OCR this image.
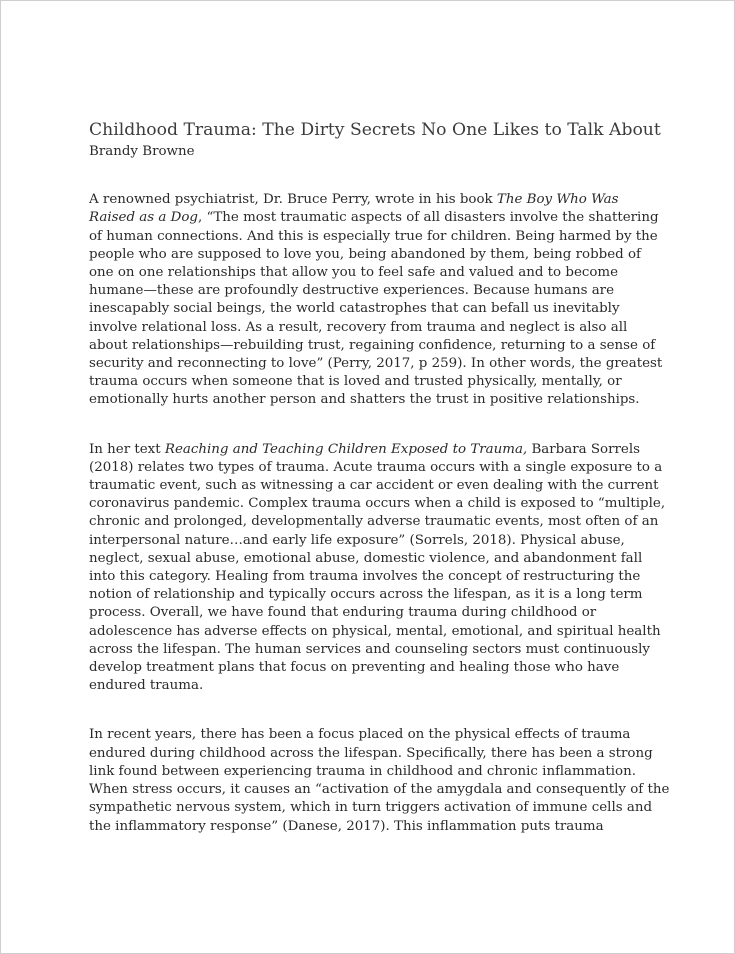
Childhood Trauma: The Dirty Secrets No One Likes to Talk About

Brandy Browne

A renowned psychiatrist, Dr. Bruce Perry, wrote in his book The Boy Who Was
Raised as a Dog, “The most traumatic aspects of all disasters involve the shattering
of human connections. And this is especially true for children. Being harmed by the
people who are supposed to love you, being abandoned by them, being robbed of
one on one relationships that allow you to feel safe and valued and to become
humane—these are profoundly destructive experiences. Because humans are
inescapably social beings, the world catastrophes that can befall us inevitably
involve relational loss. As a result, recovery from trauma and neglect is also all
about relationships—rebuilding trust, regaining confidence, returning to a sense of
security and reconnecting to love” (Perry, 2017, p 259). In other words, the greatest
trauma occurs when someone that is loved and trusted physically, mentally, or
emotionally hurts another person and shatters the trust in positive relationships.

In her text Reaching and Teaching Children Exposed to Trauma, Barbara Sorrels
(2018) relates two types of trauma. Acute trauma occurs with a single exposure to a
traumatic event, such as witnessing a car accident or even dealing with the current
coronavirus pandemic. Complex trauma occurs when a child is exposed to “multiple,
chronic and prolonged, developmentally adverse traumatic events, most often of an
interpersonal nature…and early life exposure” (Sorrels, 2018). Physical abuse,
neglect, sexual abuse, emotional abuse, domestic violence, and abandonment fall
into this category. Healing from trauma involves the concept of restructuring the
notion of relationship and typically occurs across the lifespan, as it is a long term
process. Overall, we have found that enduring trauma during childhood or
adolescence has adverse effects on physical, mental, emotional, and spiritual health
across the lifespan. The human services and counseling sectors must continuously
develop treatment plans that focus on preventing and healing those who have
endured trauma.

In recent years, there has been a focus placed on the physical effects of trauma
endured during childhood across the lifespan. Specifically, there has been a strong
link found between experiencing trauma in childhood and chronic inflammation.
When stress occurs, it causes an “activation of the amygdala and consequently of the
sympathetic nervous system, which in turn triggers activation of immune cells and
the inflammatory response” (Danese, 2017). This inflammation puts trauma
